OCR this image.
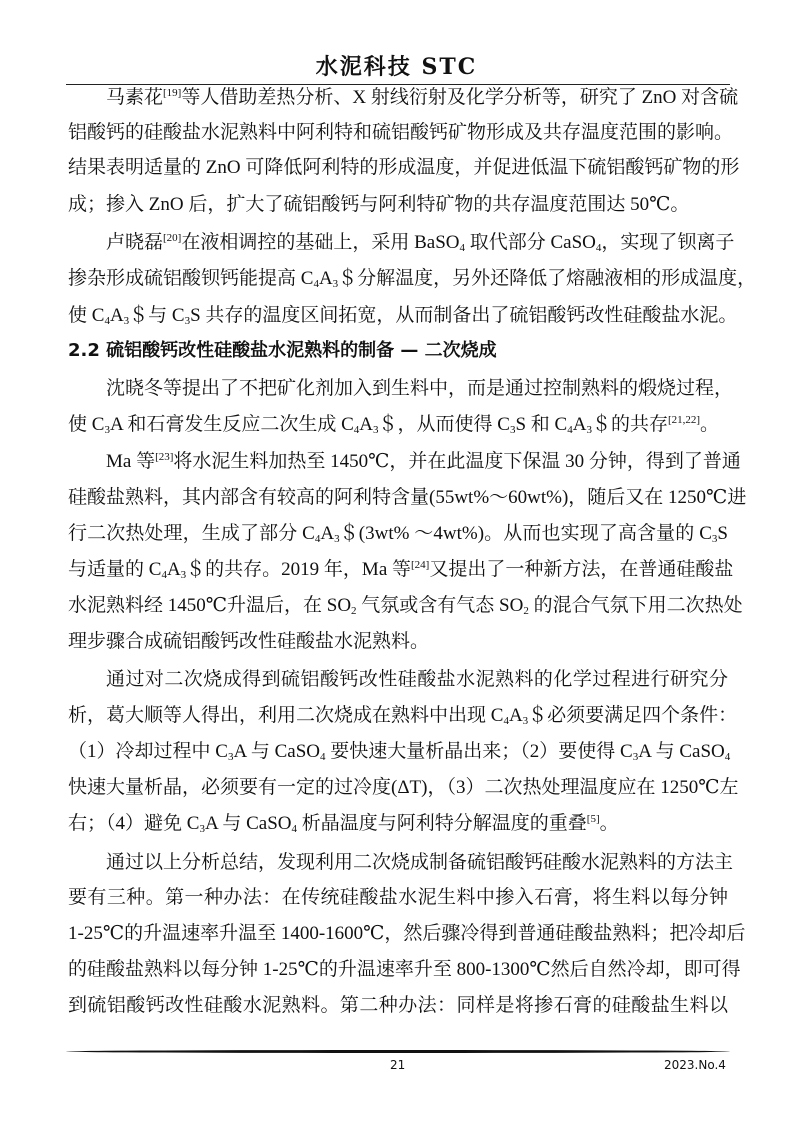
水泥科技 STC
马素花[19]等人借助差热分析、X 射线衍射及化学分析等，研究了 ZnO 对含硫
铝酸钙的硅酸盐水泥熟料中阿利特和硫铝酸钙矿物形成及共存温度范围的影响。
结果表明适量的 ZnO 可降低阿利特的形成温度，并促进低温下硫铝酸钙矿物的形
成；掺入 ZnO 后，扩大了硫铝酸钙与阿利特矿物的共存温度范围达 50℃。
卢晓磊[20]在液相调控的基础上，采用 BaSO$_4$ 取代部分 CaSO$_4$，实现了钡离子
掺杂形成硫铝酸钡钙能提高 $C_4A_3$＄分解温度，另外还降低了熔融液相的形成温度，
使 $C_4A_3$＄与 $C_3S$ 共存的温度区间拓宽，从而制备出了硫铝酸钙改性硅酸盐水泥。
2.2 硫铝酸钙改性硅酸盐水泥熟料的制备 — 二次烧成
沈晓冬等提出了不把矿化剂加入到生料中，而是通过控制熟料的煅烧过程，
使 $C_3A$ 和石膏发生反应二次生成 $C_4A_3$＄，从而使得 $C_3S$ 和 $C_4A_3$＄的共存[21,22]。
Ma 等[23]将水泥生料加热至 1450℃，并在此温度下保温 30 分钟，得到了普通
硅酸盐熟料，其内部含有较高的阿利特含量(55wt%～60wt%)，随后又在 1250℃进
行二次热处理，生成了部分 $C_4A_3$＄(3wt% ～4wt%)。从而也实现了高含量的 $C_3S$
与适量的 $C_4A_3$＄的共存。2019 年，Ma 等[24]又提出了一种新方法，在普通硅酸盐
水泥熟料经 1450℃升温后，在 $SO_2$ 气氛或含有气态 $SO_2$ 的混合气氛下用二次热处
理步骤合成硫铝酸钙改性硅酸盐水泥熟料。
通过对二次烧成得到硫铝酸钙改性硅酸盐水泥熟料的化学过程进行研究分
析，葛大顺等人得出，利用二次烧成在熟料中出现 $C_4A_3$＄必须要满足四个条件：
（1）冷却过程中 $C_3A$ 与 CaSO$_4$ 要快速大量析晶出来；（2）要使得 $C_3A$ 与 CaSO$_4$
快速大量析晶，必须要有一定的过冷度(ΔT)，（3）二次热处理温度应在 1250℃左
右；（4）避免 $C_3A$ 与 CaSO$_4$ 析晶温度与阿利特分解温度的重叠[5]。
通过以上分析总结，发现利用二次烧成制备硫铝酸钙硅酸水泥熟料的方法主
要有三种。第一种办法：在传统硅酸盐水泥生料中掺入石膏，将生料以每分钟
1-25℃的升温速率升温至 1400-1600℃，然后骤冷得到普通硅酸盐熟料；把冷却后
的硅酸盐熟料以每分钟 1-25℃的升温速率升至 800-1300℃然后自然冷却，即可得
到硫铝酸钙改性硅酸水泥熟料。第二种办法：同样是将掺石膏的硅酸盐生料以
21	2023.No.4
